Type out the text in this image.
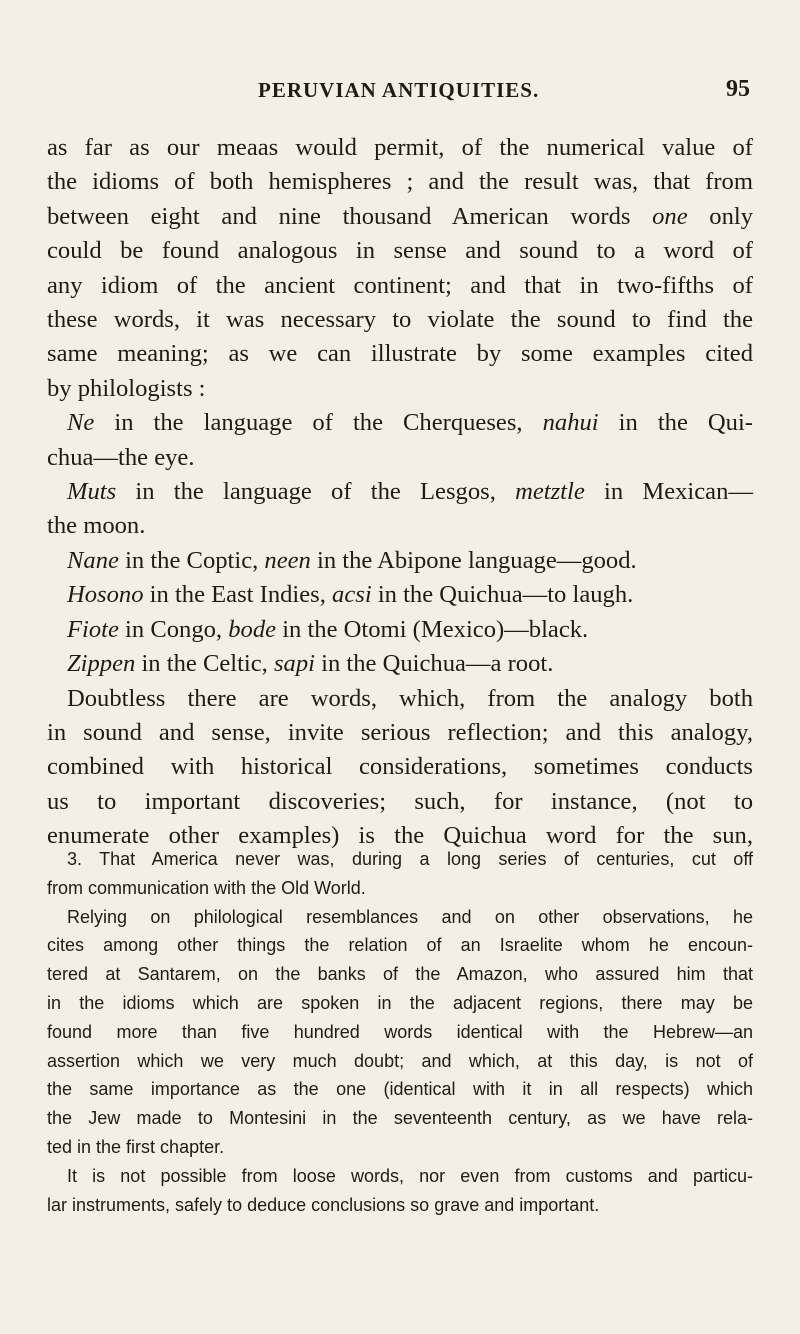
PERUVIAN ANTIQUITIES.	95
as far as our meaas would permit, of the numerical value of
the idioms of both hemispheres ; and the result was, that from
between eight and nine thousand American words one only
could be found analogous in sense and sound to a word of
any idiom of the ancient continent; and that in two-fifths of
these words, it was necessary to violate the sound to find the
same meaning; as we can illustrate by some examples cited
by philologists :
Ne in the language of the Cherqueses, nahui in the Qui-
chua—the eye.
Muts in the language of the Lesgos, metztle in Mexican—
the moon.
Nane in the Coptic, neen in the Abipone language—good.
Hosono in the East Indies, acsi in the Quichua—to laugh.
Fiote in Congo, bode in the Otomi (Mexico)—black.
Zippen in the Celtic, sapi in the Quichua—a root.
Doubtless there are words, which, from the analogy both
in sound and sense, invite serious reflection; and this analogy,
combined with historical considerations, sometimes conducts
us to important discoveries; such, for instance, (not to
enumerate other examples) is the Quichua word for the sun,
3. That America never was, during a long series of centuries, cut off
from communication with the Old World.
Relying on philological resemblances and on other observations, he
cites among other things the relation of an Israelite whom he encoun-
tered at Santarem, on the banks of the Amazon, who assured him that
in the idioms which are spoken in the adjacent regions, there may be
found more than five hundred words identical with the Hebrew—an
assertion which we very much doubt; and which, at this day, is not of
the same importance as the one (identical with it in all respects) which
the Jew made to Montesini in the seventeenth century, as we have rela-
ted in the first chapter.
It is not possible from loose words, nor even from customs and particu-
lar instruments, safely to deduce conclusions so grave and important.
